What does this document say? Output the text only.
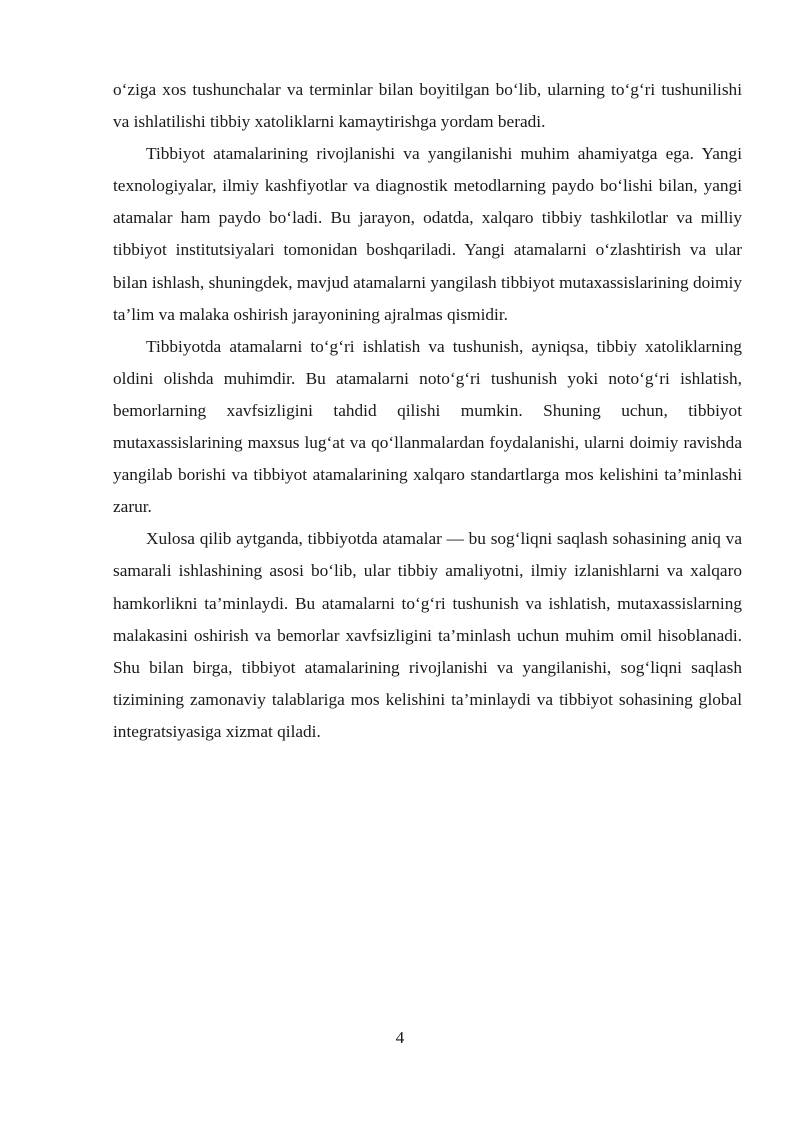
o‘ziga xos tushunchalar va terminlar bilan boyitilgan bo‘lib, ularning to‘g‘ri tushunilishi va ishlatilishi tibbiy xatoliklarni kamaytirishga yordam beradi.

Tibbiyot atamalarining rivojlanishi va yangilanishi muhim ahamiyatga ega. Yangi texnologiyalar, ilmiy kashfiyotlar va diagnostik metodlarning paydo bo‘lishi bilan, yangi atamalar ham paydo bo‘ladi. Bu jarayon, odatda, xalqaro tibbiy tashkilotlar va milliy tibbiyot institutsiyalari tomonidan boshqariladi. Yangi atamalarni o‘zlashtirish va ular bilan ishlash, shuningdek, mavjud atamalarni yangilash tibbiyot mutaxassislarining doimiy ta’lim va malaka oshirish jarayonining ajralmas qismidir.

Tibbiyotda atamalarni to‘g‘ri ishlatish va tushunish, ayniqsa, tibbiy xatoliklarning oldini olishda muhimdir. Bu atamalarni noto‘g‘ri tushunish yoki noto‘g‘ri ishlatish, bemorlarning xavfsizligini tahdid qilishi mumkin. Shuning uchun, tibbiyot mutaxassislarining maxsus lug‘at va qo‘llanmalardan foydalanishi, ularni doimiy ravishda yangilab borishi va tibbiyot atamalarining xalqaro standartlarga mos kelishini ta’minlashi zarur.

Xulosa qilib aytganda, tibbiyotda atamalar — bu sog‘liqni saqlash sohasining aniq va samarali ishlashining asosi bo‘lib, ular tibbiy amaliyotni, ilmiy izlanishlarni va xalqaro hamkorlikni ta’minlaydi. Bu atamalarni to‘g‘ri tushunish va ishlatish, mutaxassislarning malakasini oshirish va bemorlar xavfsizligini ta’minlash uchun muhim omil hisoblanadi. Shu bilan birga, tibbiyot atamalarining rivojlanishi va yangilanishi, sog‘liqni saqlash tizimining zamonaviy talablariga mos kelishini ta’minlaydi va tibbiyot sohasining global integratsiyasiga xizmat qiladi.

4
